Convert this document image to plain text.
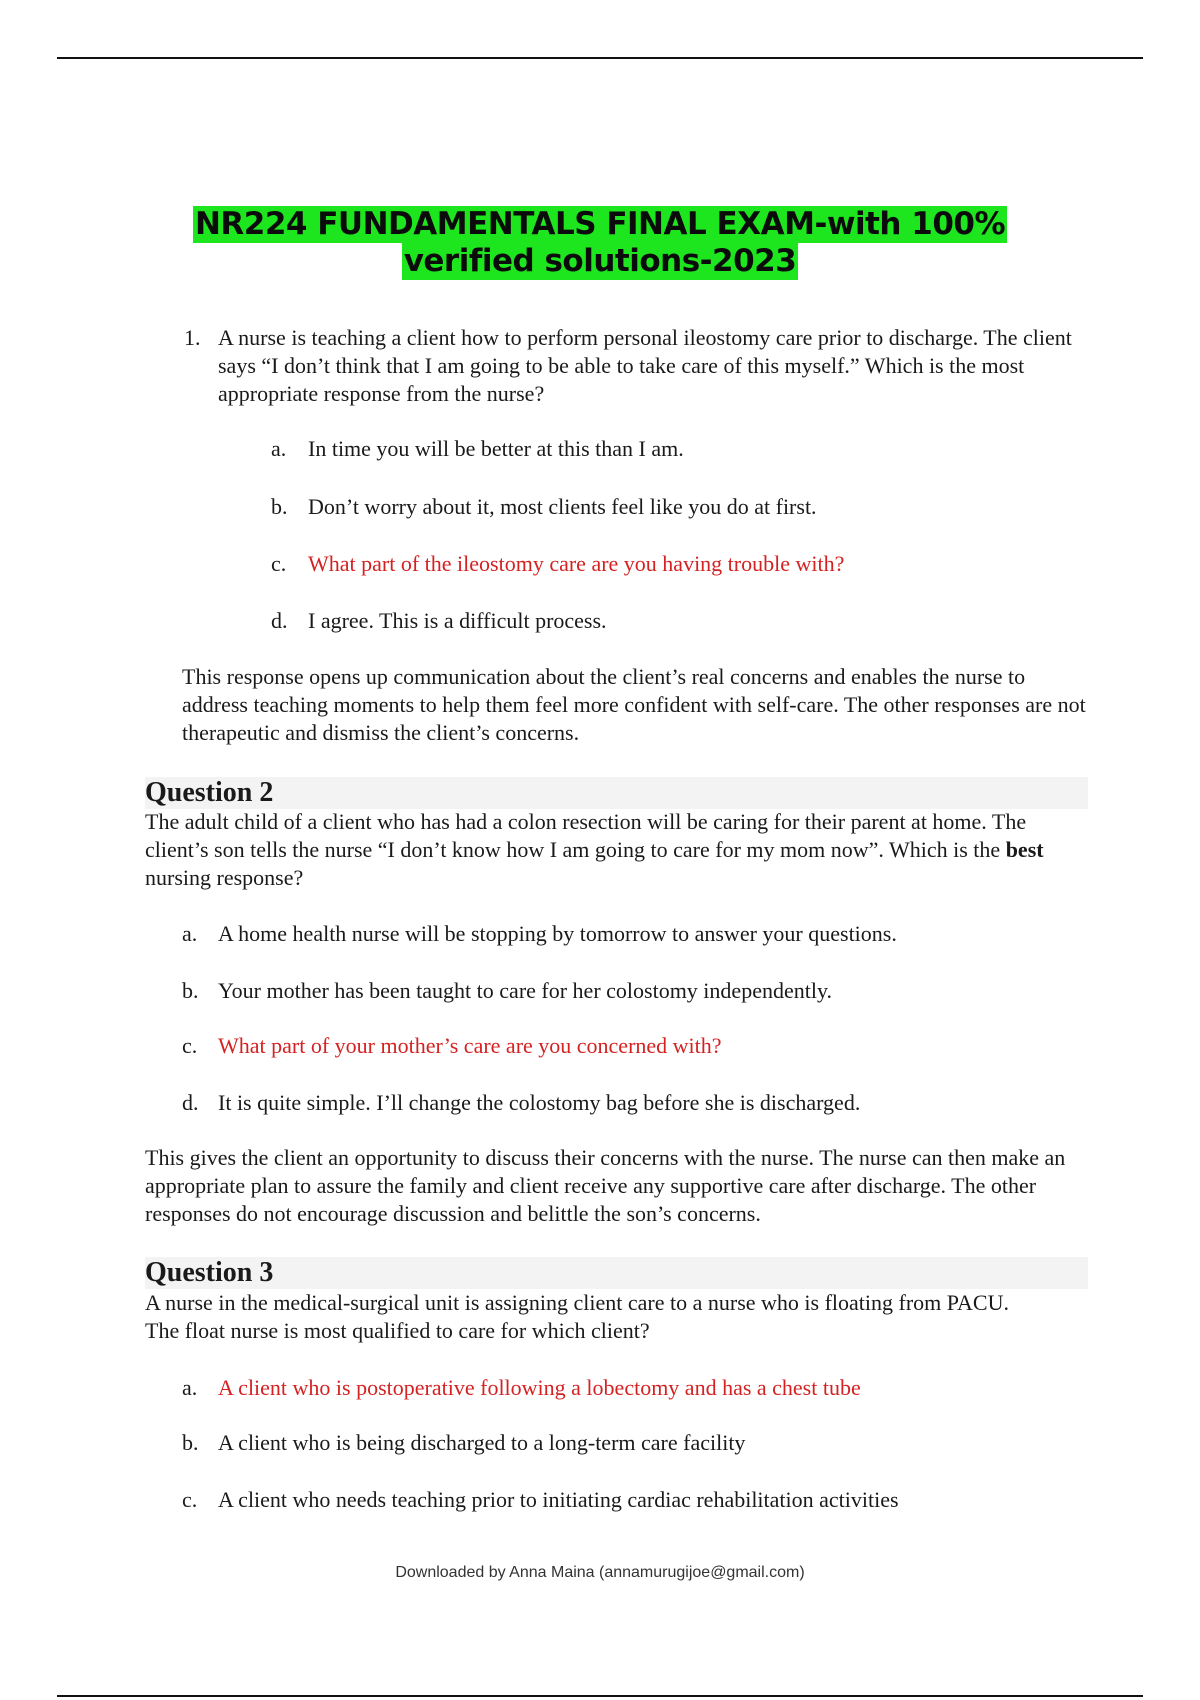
NR224 FUNDAMENTALS FINAL EXAM-with 100%
verified solutions-2023
1. A nurse is teaching a client how to perform personal ileostomy care prior to discharge. The client says “I don’t think that I am going to be able to take care of this myself.” Which is the most appropriate response from the nurse?
a. In time you will be better at this than I am.
b. Don’t worry about it, most clients feel like you do at first.
c. What part of the ileostomy care are you having trouble with?
d. I agree. This is a difficult process.
This response opens up communication about the client’s real concerns and enables the nurse to address teaching moments to help them feel more confident with self-care. The other responses are not therapeutic and dismiss the client’s concerns.
Question 2
The adult child of a client who has had a colon resection will be caring for their parent at home. The client’s son tells the nurse “I don’t know how I am going to care for my mom now”. Which is the best nursing response?
a. A home health nurse will be stopping by tomorrow to answer your questions.
b. Your mother has been taught to care for her colostomy independently.
c. What part of your mother’s care are you concerned with?
d. It is quite simple. I’ll change the colostomy bag before she is discharged.
This gives the client an opportunity to discuss their concerns with the nurse. The nurse can then make an appropriate plan to assure the family and client receive any supportive care after discharge. The other responses do not encourage discussion and belittle the son’s concerns.
Question 3
A nurse in the medical-surgical unit is assigning client care to a nurse who is floating from PACU. The float nurse is most qualified to care for which client?
a. A client who is postoperative following a lobectomy and has a chest tube
b. A client who is being discharged to a long-term care facility
c. A client who needs teaching prior to initiating cardiac rehabilitation activities
Downloaded by Anna Maina (annamurugijoe@gmail.com)
